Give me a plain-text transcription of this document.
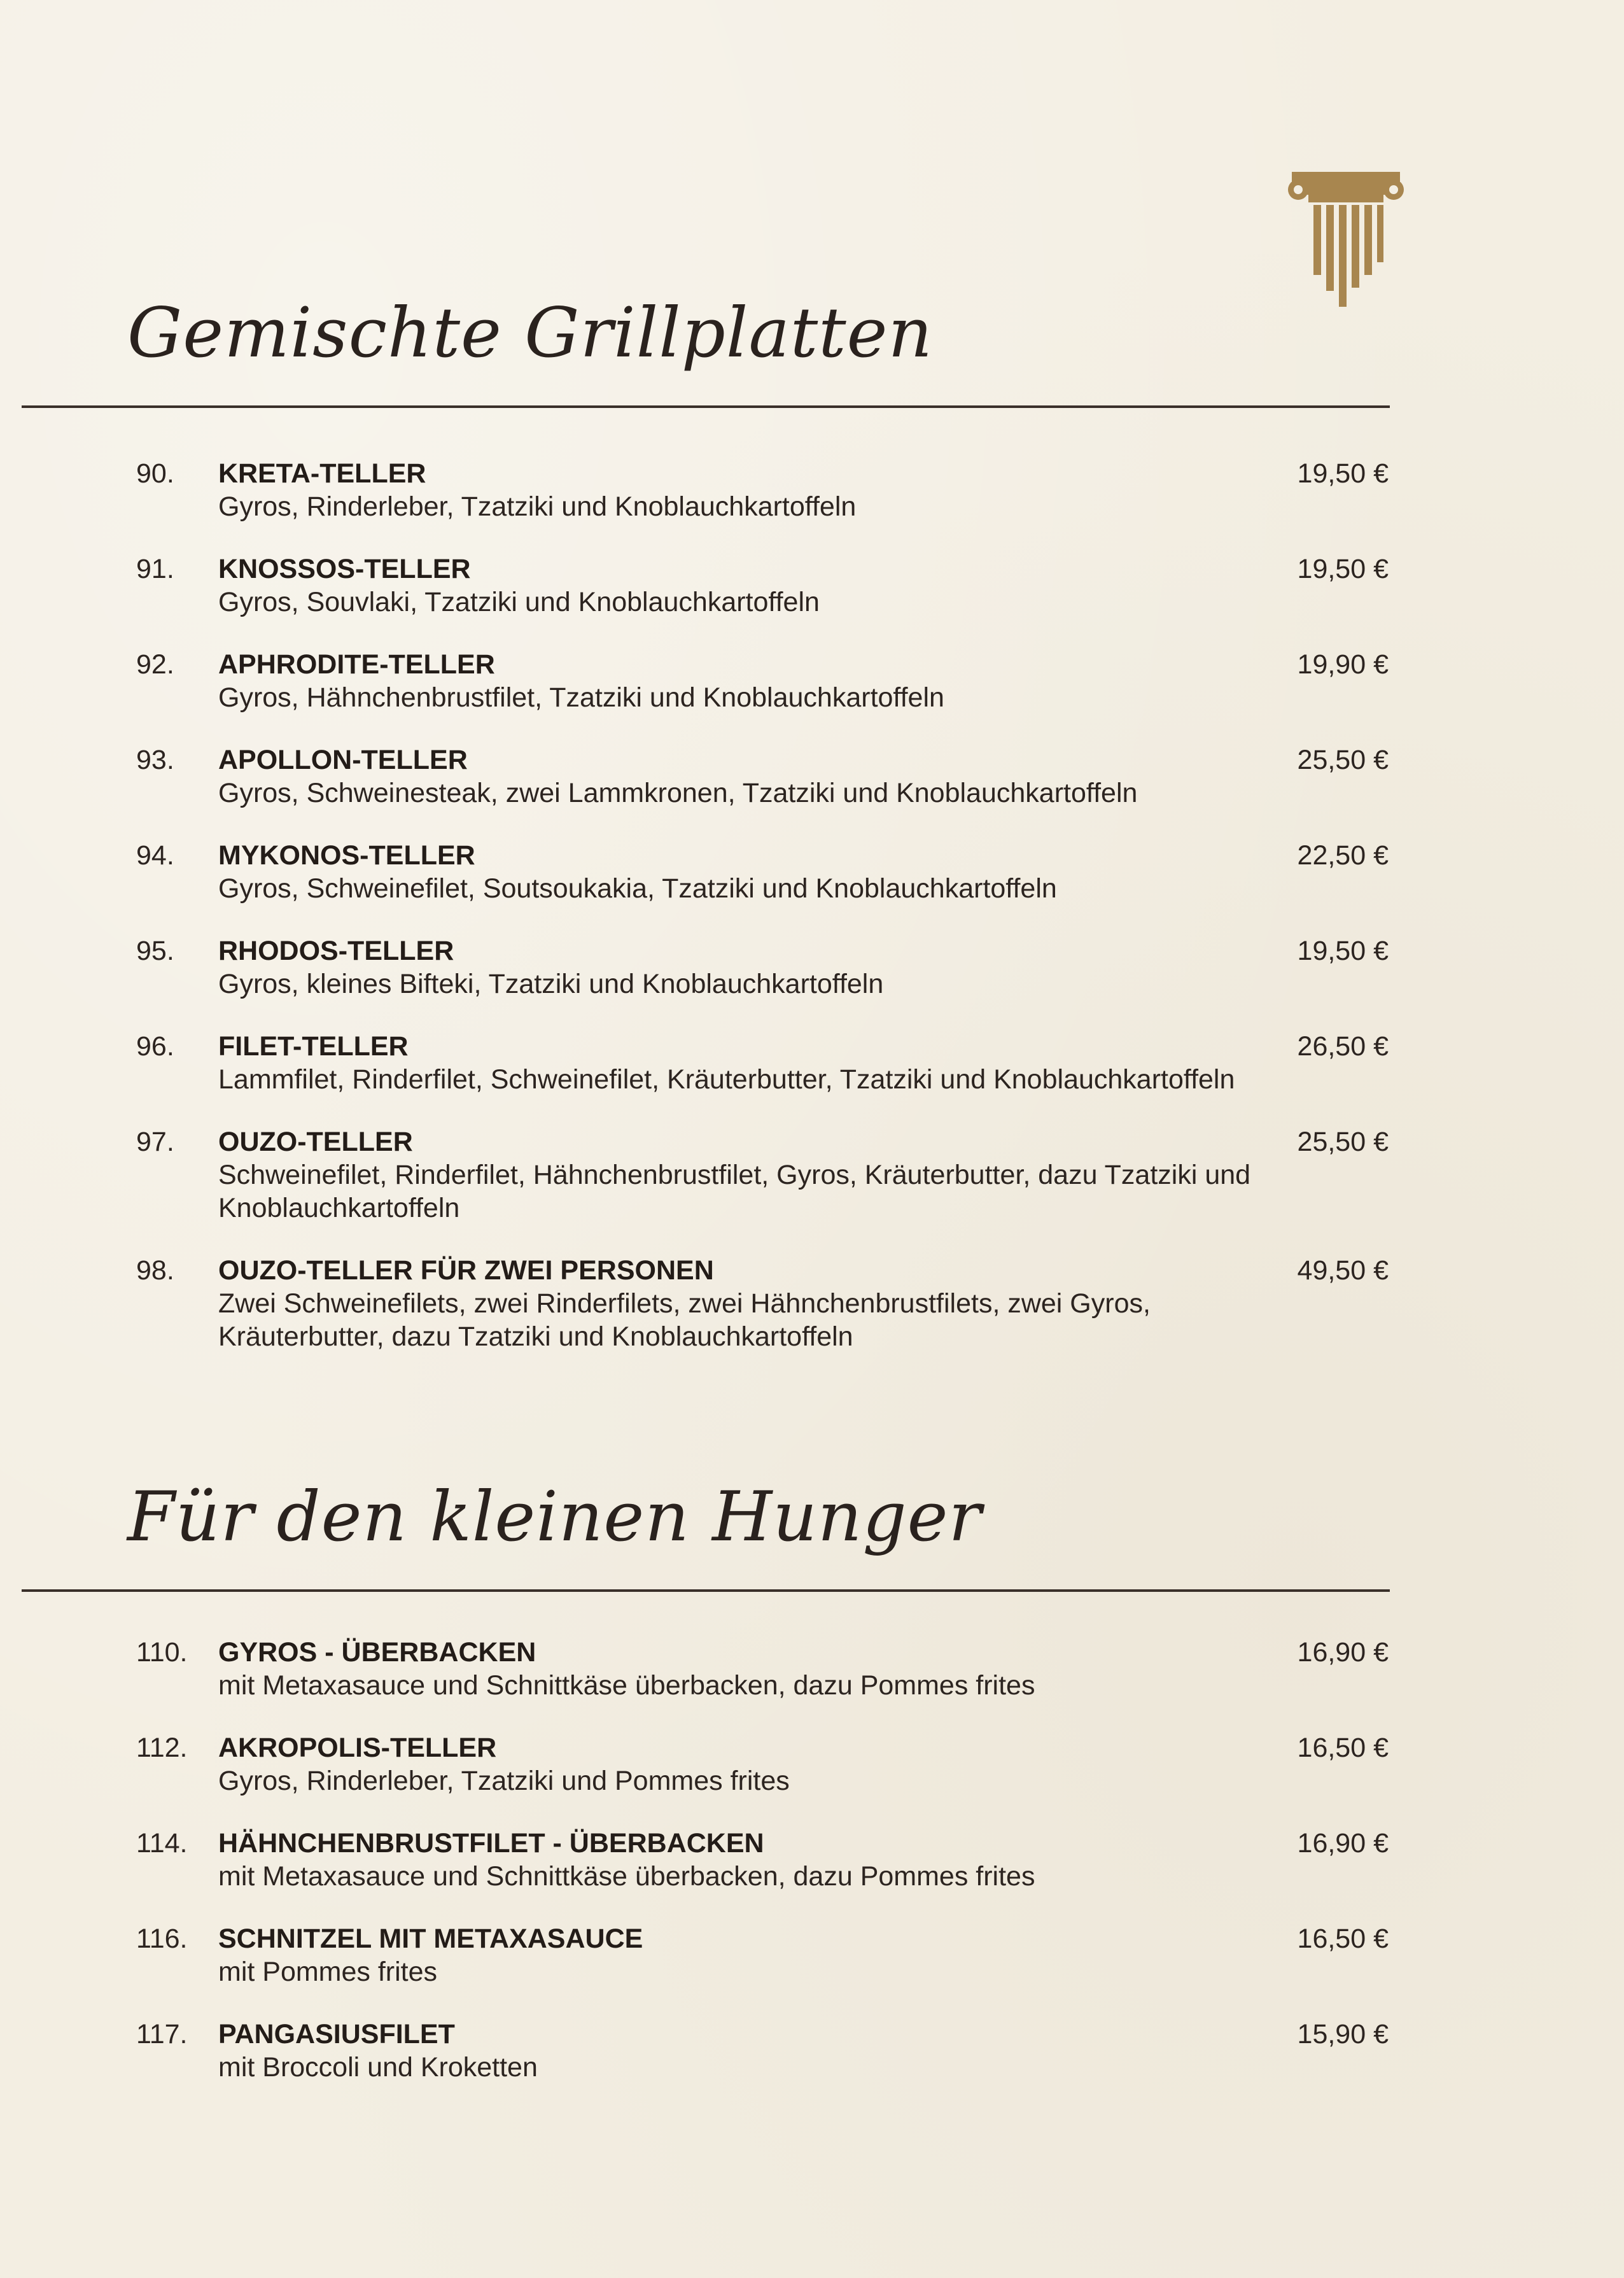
Gemischte Grillplatten
90. KRETA-TELLER
Gyros, Rinderleber, Tzatziki und Knoblauchkartoffeln
19,50 €
91. KNOSSOS-TELLER
Gyros, Souvlaki, Tzatziki und Knoblauchkartoffeln
19,50 €
92. APHRODITE-TELLER
Gyros, Hähnchenbrustfilet, Tzatziki und Knoblauchkartoffeln
19,90 €
93. APOLLON-TELLER
Gyros, Schweinesteak, zwei Lammkronen, Tzatziki und Knoblauchkartoffeln
25,50 €
94. MYKONOS-TELLER
Gyros, Schweinefilet, Soutsoukakia, Tzatziki und Knoblauchkartoffeln
22,50 €
95. RHODOS-TELLER
Gyros, kleines Bifteki, Tzatziki und Knoblauchkartoffeln
19,50 €
96. FILET-TELLER
Lammfilet, Rinderfilet, Schweinefilet, Kräuterbutter, Tzatziki und Knoblauchkartoffeln
26,50 €
97. OUZO-TELLER
Schweinefilet, Rinderfilet, Hähnchenbrustfilet, Gyros, Kräuterbutter, dazu Tzatziki und Knoblauchkartoffeln
25,50 €
98. OUZO-TELLER FÜR ZWEI PERSONEN
Zwei Schweinefilets, zwei Rinderfilets, zwei Hähnchenbrustfilets, zwei Gyros, Kräuterbutter, dazu Tzatziki und Knoblauchkartoffeln
49,50 €
Für den kleinen Hunger
110. GYROS - ÜBERBACKEN
mit Metaxasauce und Schnittkäse überbacken, dazu Pommes frites
16,90 €
112. AKROPOLIS-TELLER
Gyros, Rinderleber, Tzatziki und Pommes frites
16,50 €
114. HÄHNCHENBRUSTFILET - ÜBERBACKEN
mit Metaxasauce und Schnittkäse überbacken, dazu Pommes frites
16,90 €
116. SCHNITZEL MIT METAXASAUCE
mit Pommes frites
16,50 €
117. PANGASIUSFILET
mit Broccoli und Kroketten
15,90 €
